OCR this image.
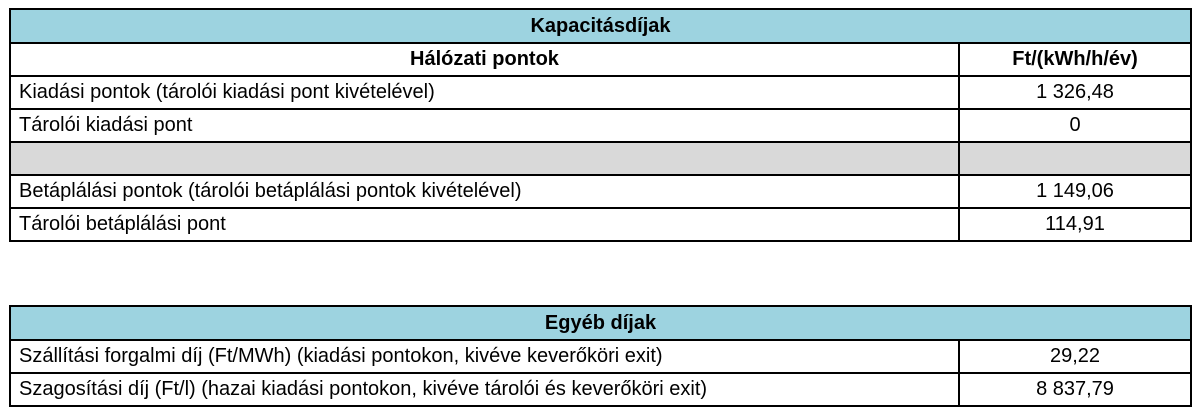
Kapacitásdíjak	
Hálózati pontok	Ft/(kWh/h/év)
Kiadási pontok (tárolói kiadási pont kivételével)	1 326,48
Tárolói kiadási pont	0

Betáplálási pontok (tárolói betáplálási pontok kivételével)	1 149,06
Tárolói betáplálási pont	114,91
Egyéb díjak	
Szállítási forgalmi díj (Ft/MWh) (kiadási pontokon, kivéve keverőköri exit)	29,22
Szagosítási díj (Ft/l) (hazai kiadási pontokon, kivéve tárolói és keverőköri exit)	8 837,79
